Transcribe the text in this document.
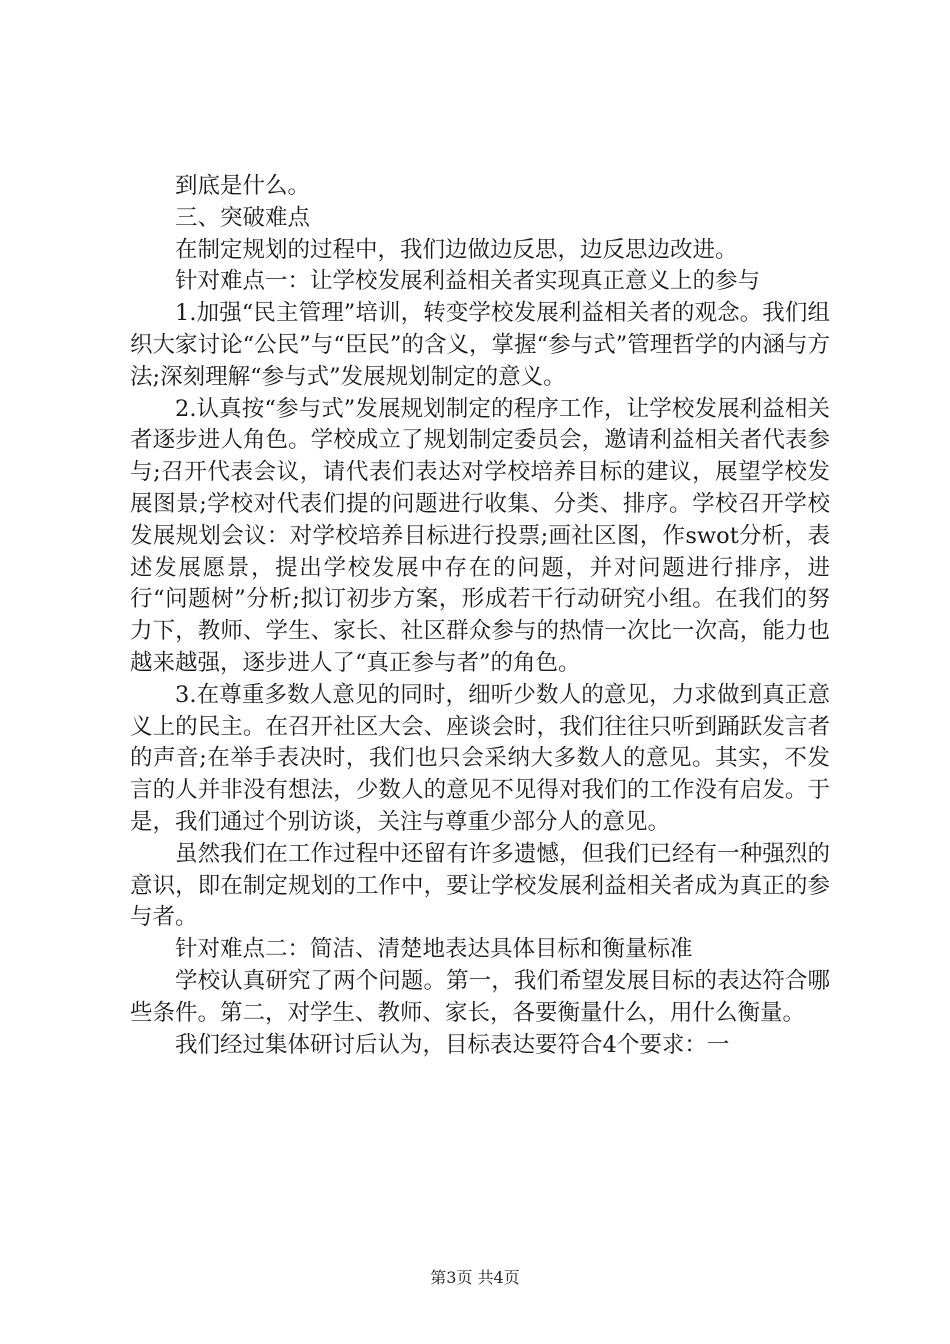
到底是什么。

三、突破难点

在制定规划的过程中，我们边做边反思，边反思边改进。

针对难点一：让学校发展利益相关者实现真正意义上的参与

1.加强“民主管理”培训，转变学校发展利益相关者的观念。我们组织大家讨论“公民”与“臣民”的含义，掌握“参与式”管理哲学的内涵与方法;深刻理解“参与式”发展规划制定的意义。

2.认真按“参与式”发展规划制定的程序工作，让学校发展利益相关者逐步进人角色。学校成立了规划制定委员会，邀请利益相关者代表参与;召开代表会议，请代表们表达对学校培养目标的建议，展望学校发展图景;学校对代表们提的问题进行收集、分类、排序。学校召开学校发展规划会议：对学校培养目标进行投票;画社区图，作swot分析，表述发展愿景，提出学校发展中存在的问题，并对问题进行排序，进行“问题树”分析;拟订初步方案，形成若干行动研究小组。在我们的努力下，教师、学生、家长、社区群众参与的热情一次比一次高，能力也越来越强，逐步进人了“真正参与者”的角色。

3.在尊重多数人意见的同时，细听少数人的意见，力求做到真正意义上的民主。在召开社区大会、座谈会时，我们往往只听到踊跃发言者的声音;在举手表决时，我们也只会采纳大多数人的意见。其实，不发言的人并非没有想法，少数人的意见不见得对我们的工作没有启发。于是，我们通过个别访谈，关注与尊重少部分人的意见。

虽然我们在工作过程中还留有许多遗憾，但我们已经有一种强烈的意识，即在制定规划的工作中，要让学校发展利益相关者成为真正的参与者。

针对难点二：简洁、清楚地表达具体目标和衡量标准

学校认真研究了两个问题。第一，我们希望发展目标的表达符合哪些条件。第二，对学生、教师、家长，各要衡量什么，用什么衡量。

我们经过集体研讨后认为，目标表达要符合4个要求：一

第3页 共4页
